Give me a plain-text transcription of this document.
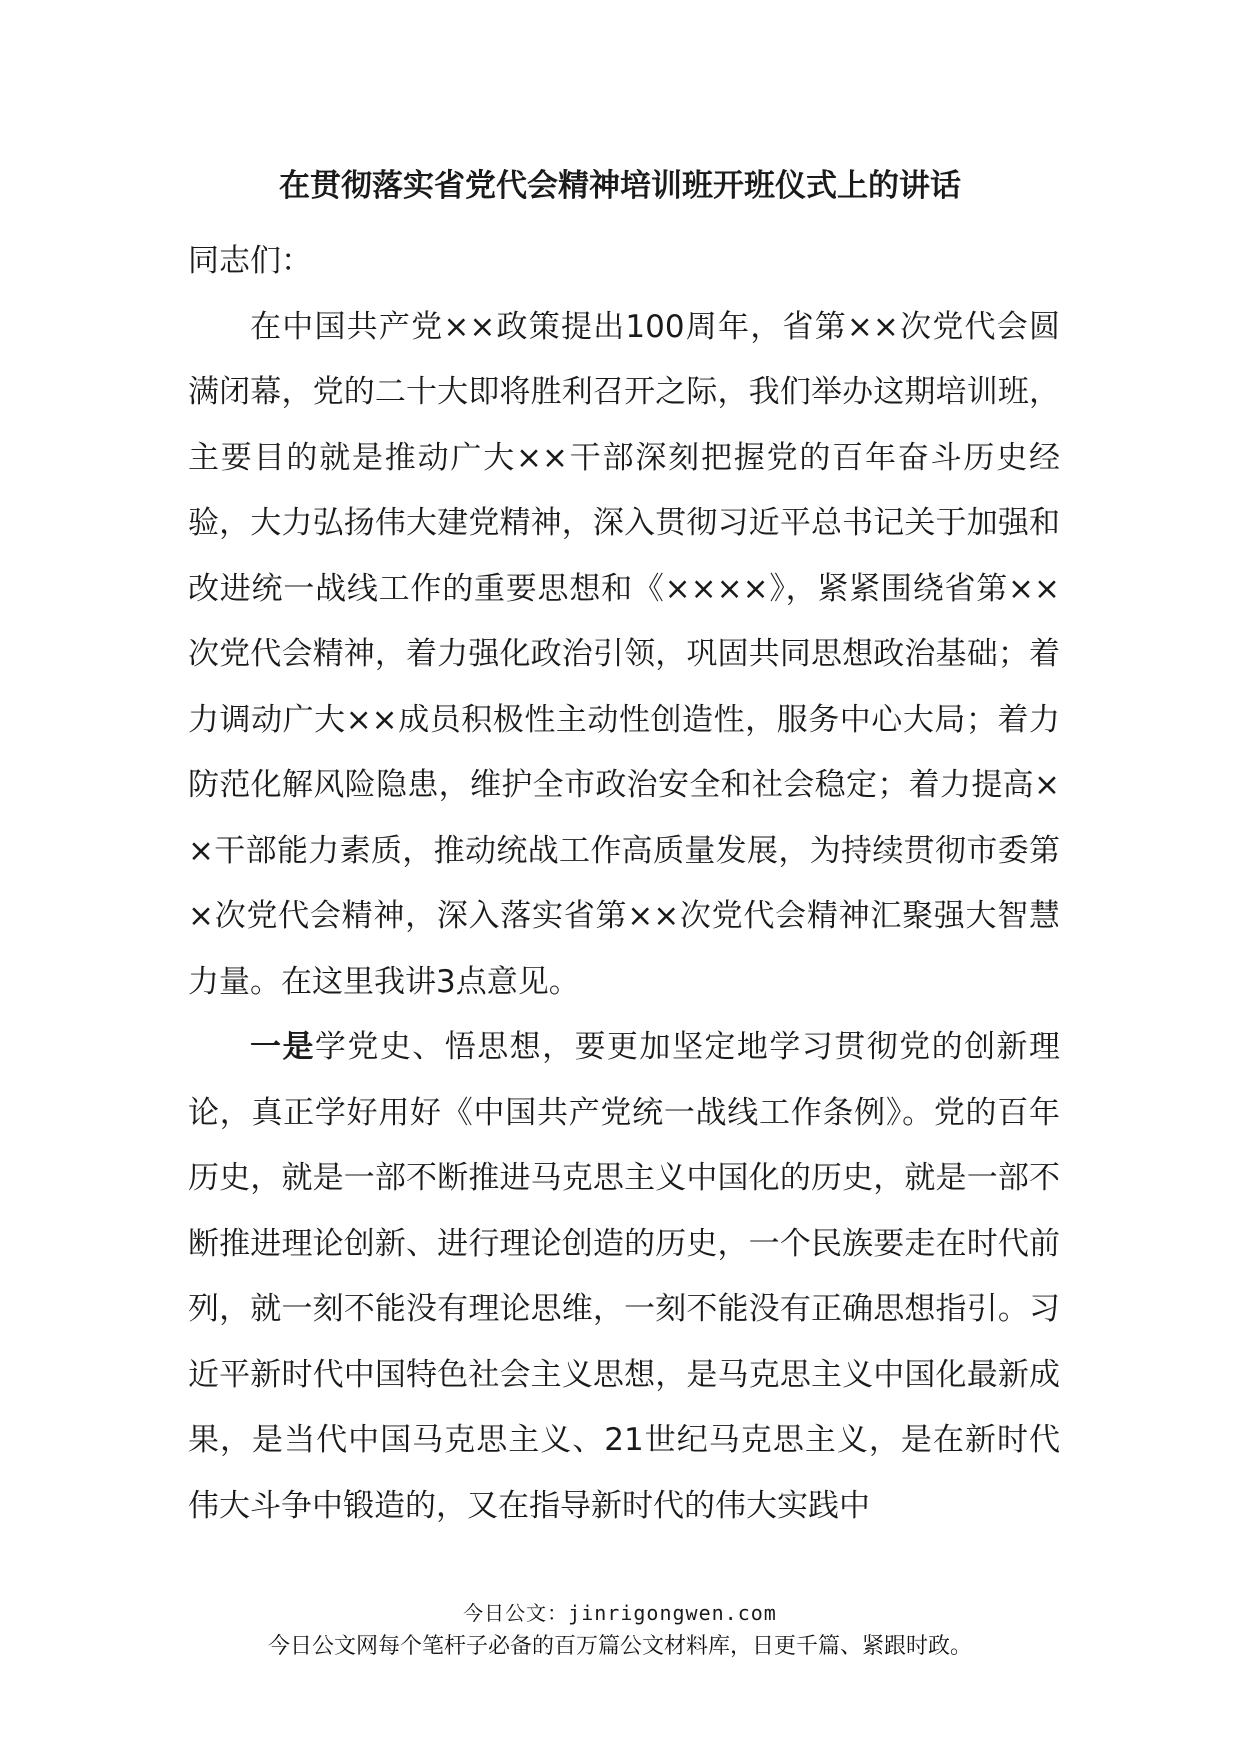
在贯彻落实省党代会精神培训班开班仪式上的讲话

同志们：

在中国共产党××政策提出100周年，省第××次党代会圆满闭幕，党的二十大即将胜利召开之际，我们举办这期培训班，主要目的就是推动广大××干部深刻把握党的百年奋斗历史经验，大力弘扬伟大建党精神，深入贯彻习近平总书记关于加强和改进统一战线工作的重要思想和《××××》，紧紧围绕省第××次党代会精神，着力强化政治引领，巩固共同思想政治基础；着力调动广大××成员积极性主动性创造性，服务中心大局；着力防范化解风险隐患，维护全市政治安全和社会稳定；着力提高××干部能力素质，推动统战工作高质量发展，为持续贯彻市委第×次党代会精神，深入落实省第××次党代会精神汇聚强大智慧力量。在这里我讲3点意见。

一是学党史、悟思想，要更加坚定地学习贯彻党的创新理论，真正学好用好《中国共产党统一战线工作条例》。党的百年历史，就是一部不断推进马克思主义中国化的历史，就是一部不断推进理论创新、进行理论创造的历史，一个民族要走在时代前列，就一刻不能没有理论思维，一刻不能没有正确思想指引。习近平新时代中国特色社会主义思想，是马克思主义中国化最新成果，是当代中国马克思主义、21世纪马克思主义，是在新时代伟大斗争中锻造的，又在指导新时代的伟大实践中

今日公文：jinrigongwen.com
今日公文网每个笔杆子必备的百万篇公文材料库，日更千篇、紧跟时政。
